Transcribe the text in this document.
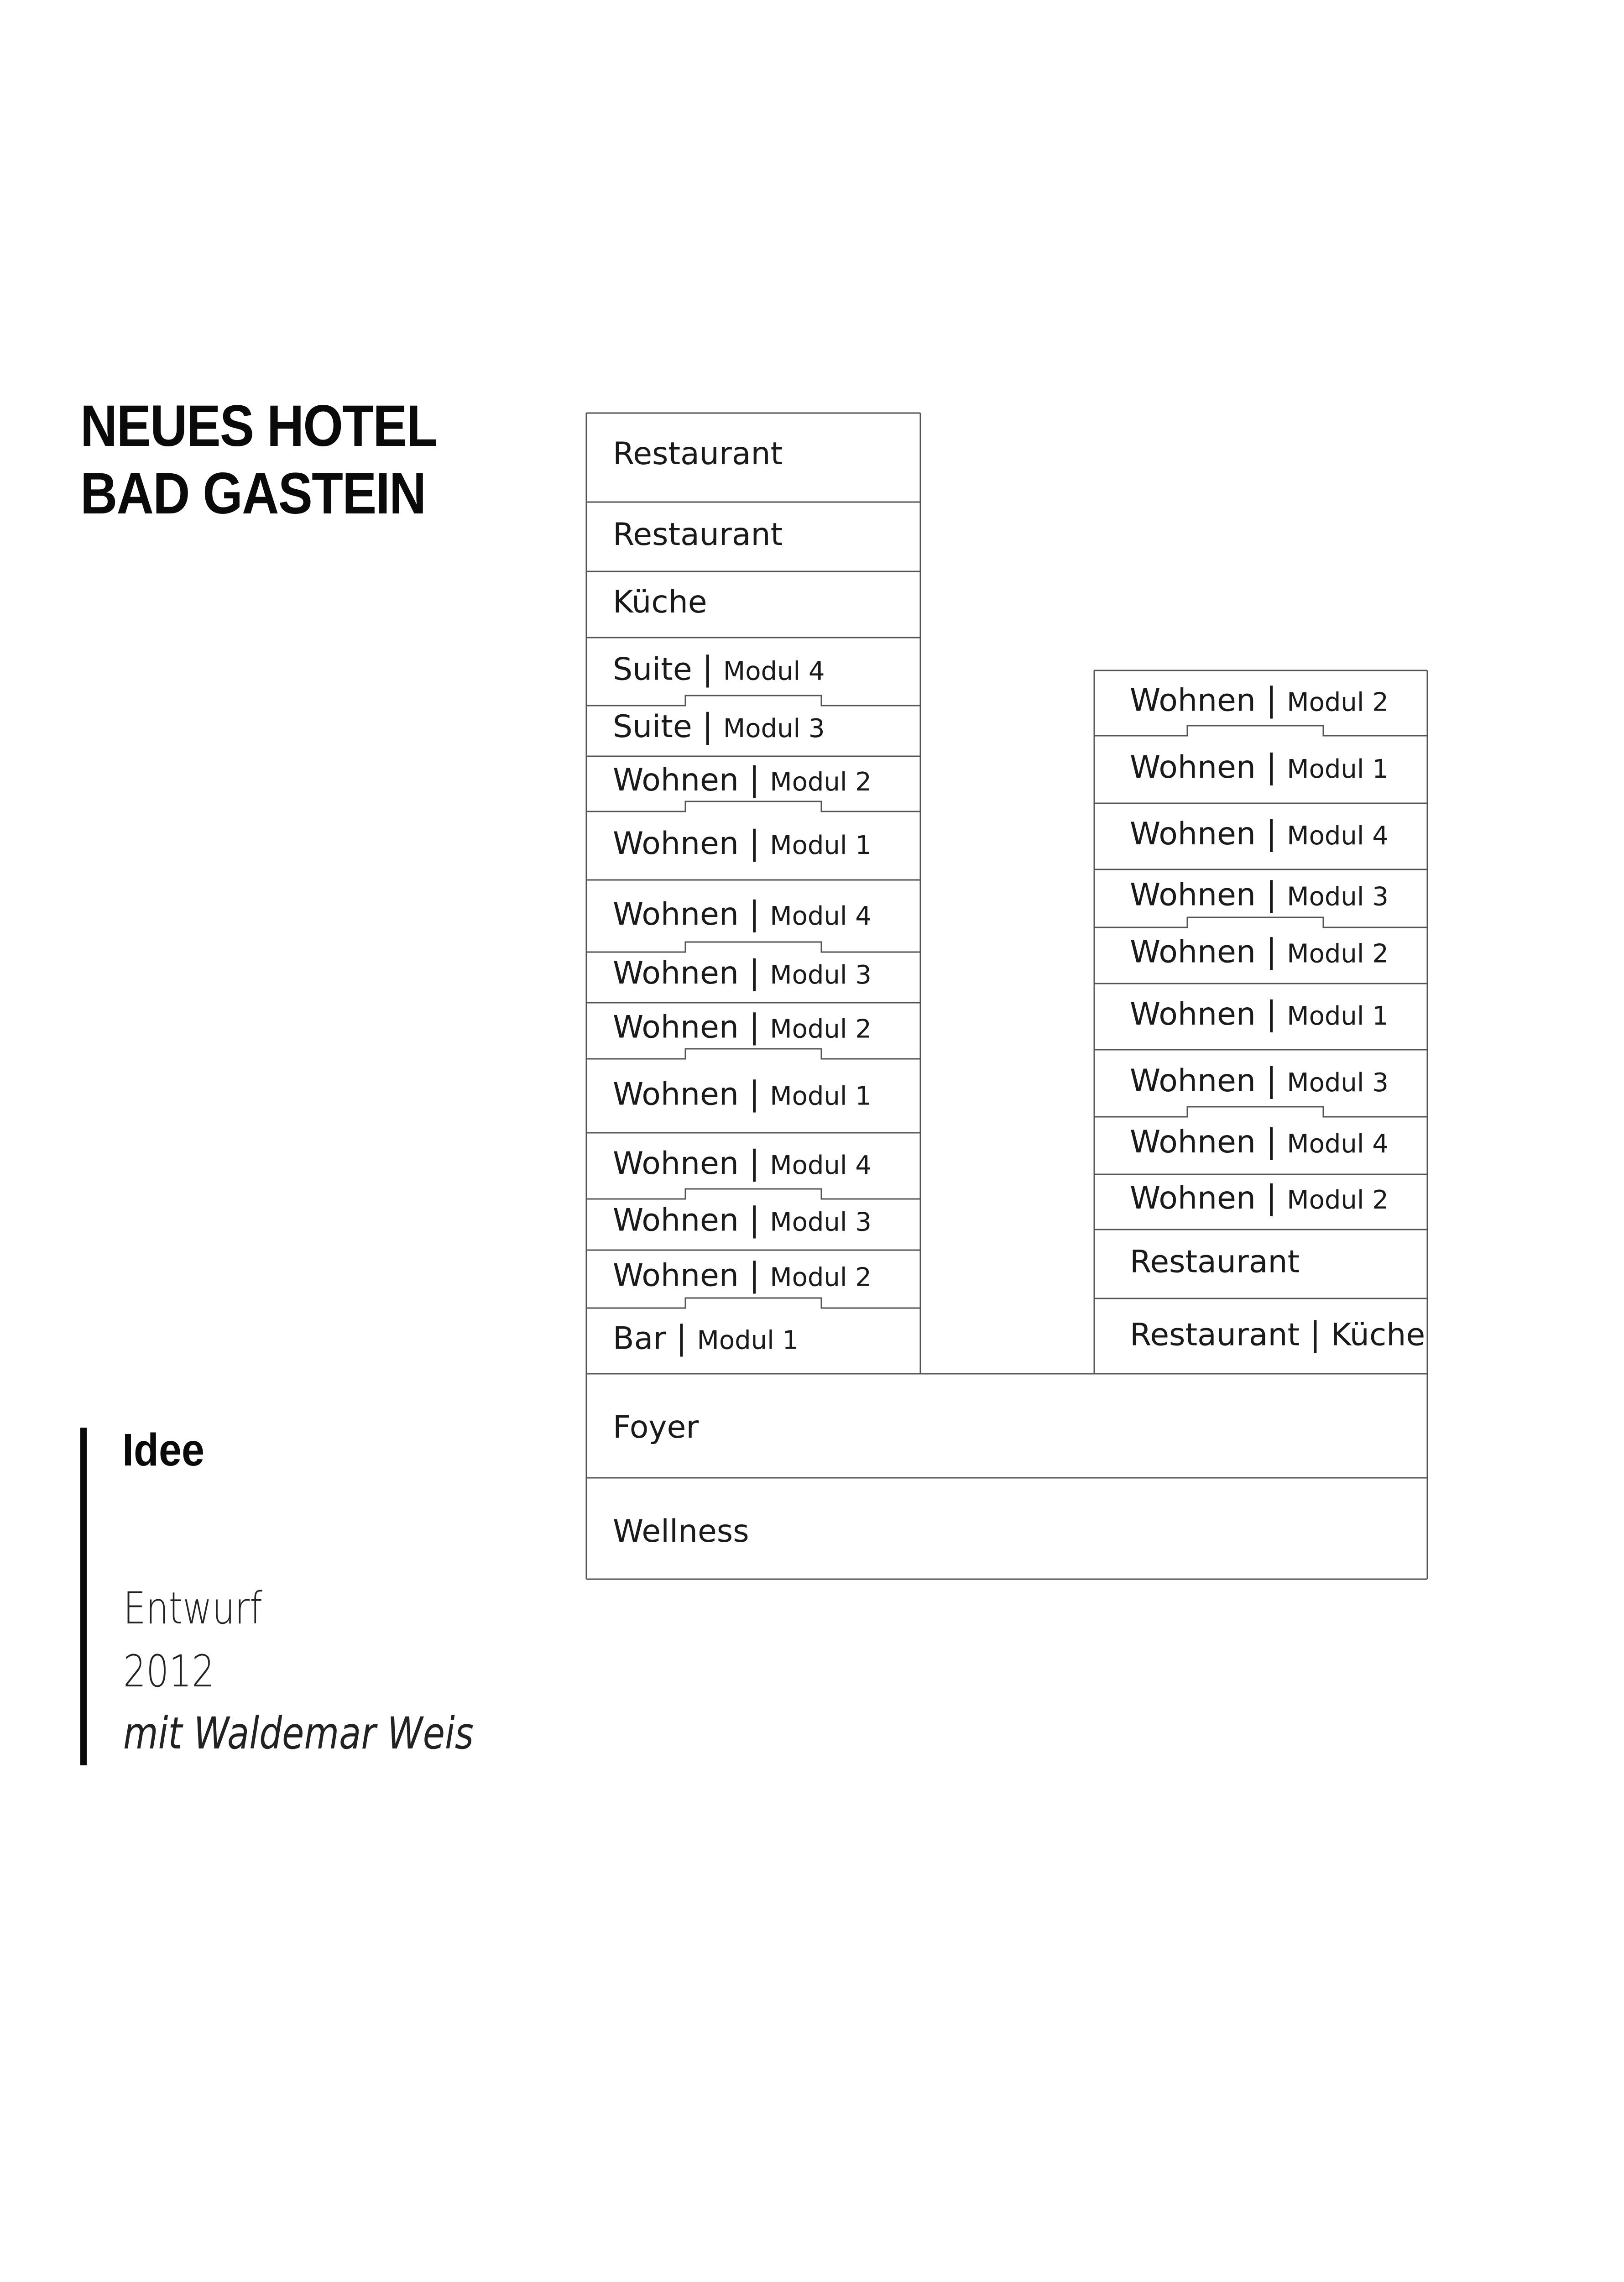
NEUES HOTEL
BAD GASTEIN
Idee
Entwurf
2012
mit Waldemar Weis
Restaurant
Restaurant
Küche
Suite | Modul 4
Suite | Modul 3
Wohnen | Modul 2
Wohnen | Modul 1
Wohnen | Modul 4
Wohnen | Modul 3
Wohnen | Modul 2
Wohnen | Modul 1
Wohnen | Modul 4
Wohnen | Modul 3
Wohnen | Modul 2
Bar | Modul 1
Wohnen | Modul 2
Wohnen | Modul 1
Wohnen | Modul 4
Wohnen | Modul 3
Wohnen | Modul 2
Wohnen | Modul 1
Wohnen | Modul 3
Wohnen | Modul 4
Wohnen | Modul 2
Restaurant
Restaurant | Küche
Foyer
Wellness
